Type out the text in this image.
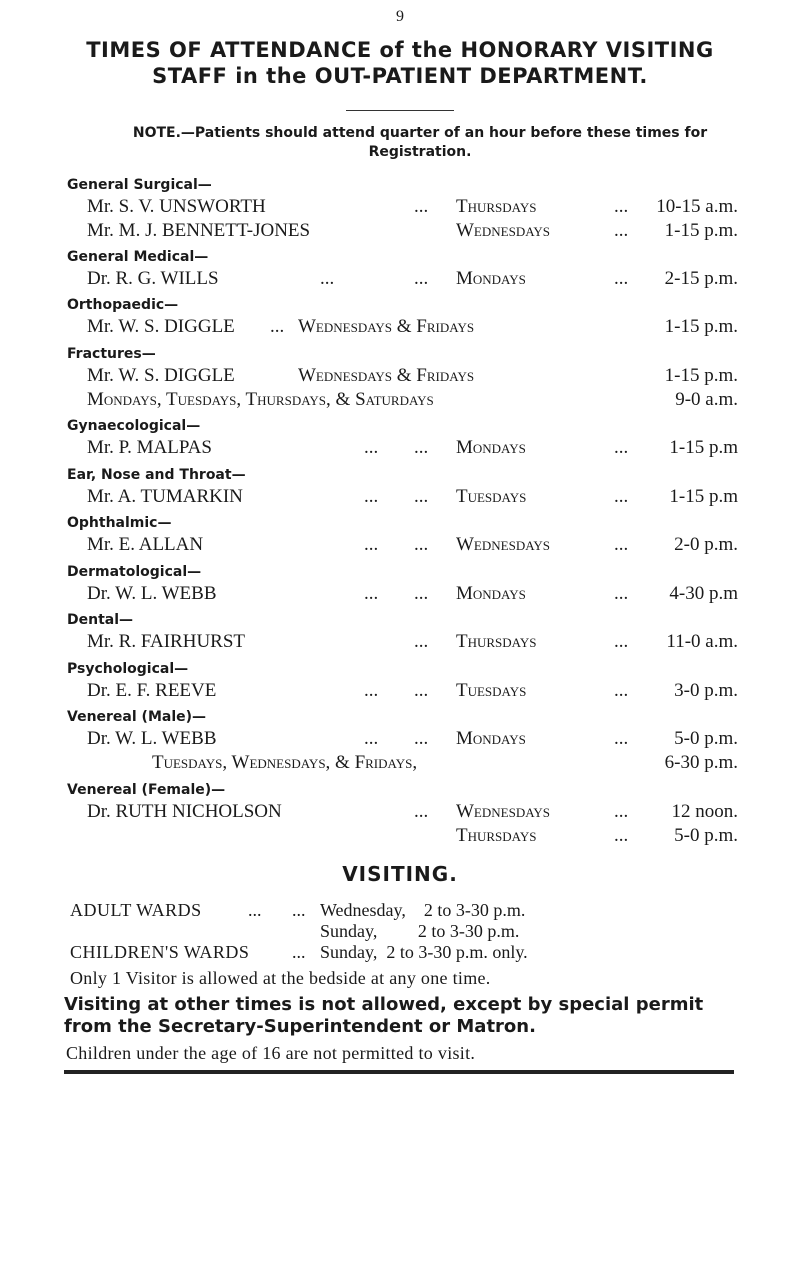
9
TIMES OF ATTENDANCE of the HONORARY VISITING
STAFF in the OUT-PATIENT DEPARTMENT.
NOTE.—Patients should attend quarter of an hour before these times for Registration.
General Surgical—
Mr. S. V. UNSWORTH	... Thursdays	...	10-15 a.m.
Mr. M. J. BENNETT-JONES	Wednesdays	...	1-15 p.m.
General Medical—
Dr. R. G. WILLS	...	... Mondays	...	2-15 p.m.
Orthopaedic—
Mr. W. S. DIGGLE ... Wednesdays & Fridays	1-15 p.m.
Fractures—
Mr. W. S. DIGGLE	Wednesdays & Fridays	1-15 p.m.
Mondays, Tuesdays, Thursdays, & Saturdays	9-0 a.m.
Gynaecological—
Mr. P. MALPAS	... ... Mondays	...	1-15 p.m
Ear, Nose and Throat—
Mr. A. TUMARKIN	... ... Tuesdays	...	1-15 p.m
Ophthalmic—
Mr. E. ALLAN	... ... Wednesdays	...	2-0 p.m.
Dermatological—
Dr. W. L. WEBB	... ... Mondays	...	4-30 p.m
Dental—
Mr. R. FAIRHURST	... Thursdays	...	11-0 a.m.
Psychological—
Dr. E. F. REEVE	... ... Tuesdays	...	3-0 p.m.
Venereal (Male)—
Dr. W. L. WEBB	... ... Mondays	...	5-0 p.m.
Tuesdays, Wednesdays, & Fridays,	6-30 p.m.
Venereal (Female)—
Dr. RUTH NICHOLSON	... Wednesdays	...	12 noon.
Thursdays	...	5-0 p.m.
VISITING.
ADULT WARDS	... ... Wednesday,    2 to 3-30 p.m.
Sunday,         2 to 3-30 p.m.
CHILDREN'S WARDS ... Sunday,  2 to 3-30 p.m. only.
Only 1 Visitor is allowed at the bedside at any one time.
Visiting at other times is not allowed, except by special permit from the Secretary-Superintendent or Matron.
Children under the age of 16 are not permitted to visit.
